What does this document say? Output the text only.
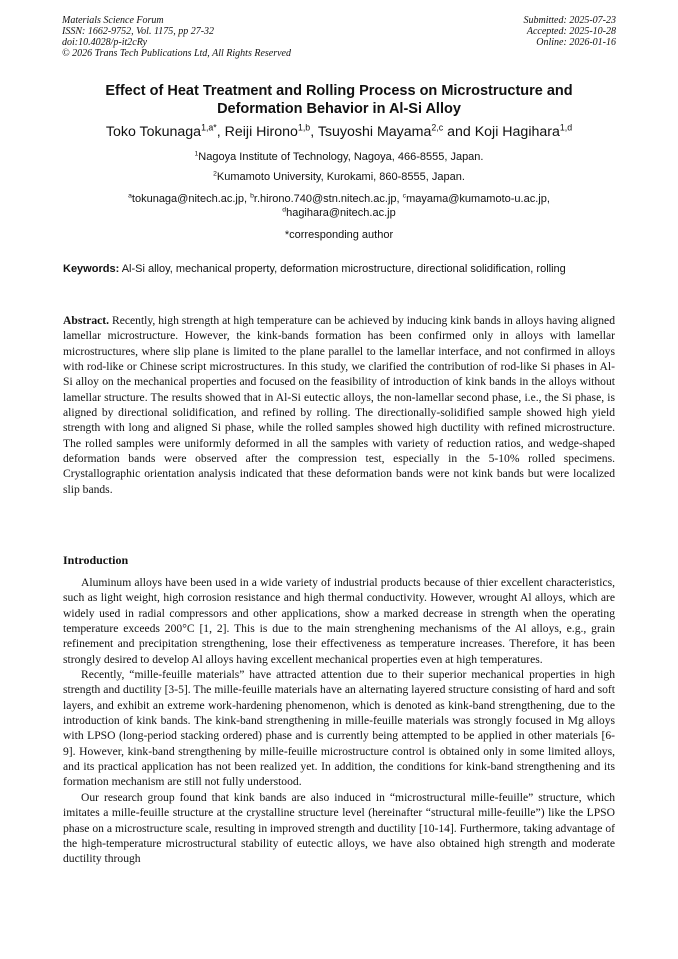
Materials Science Forum
ISSN: 1662-9752, Vol. 1175, pp 27-32
doi:10.4028/p-it2cRy
© 2026 Trans Tech Publications Ltd, All Rights Reserved
Submitted: 2025-07-23
Accepted: 2025-10-28
Online: 2026-01-16
Effect of Heat Treatment and Rolling Process on Microstructure and
Deformation Behavior in Al-Si Alloy
Toko Tokunaga$^{1,a*}$, Reiji Hirono$^{1,b}$, Tsuyoshi Mayama$^{2,c}$ and Koji Hagihara$^{1,d}$
$^1$Nagoya Institute of Technology, Nagoya, 466-8555, Japan.
$^2$Kumamoto University, Kurokami, 860-8555, Japan.
$^a$tokunaga@nitech.ac.jp, $^b$r.hirono.740@stn.nitech.ac.jp, $^c$mayama@kumamoto-u.ac.jp,
$^d$hagihara@nitech.ac.jp
*corresponding author
Keywords: Al-Si alloy, mechanical property, deformation microstructure, directional solidification, rolling
Abstract. Recently, high strength at high temperature can be achieved by inducing kink bands in alloys having aligned lamellar microstructure. However, the kink-bands formation has been confirmed only in alloys with lamellar microstructures, where slip plane is limited to the plane parallel to the lamellar interface, and not confirmed in alloys with rod-like or Chinese script microstructures. In this study, we clarified the contribution of rod-like Si phases in Al-Si alloy on the mechanical properties and focused on the feasibility of introduction of kink bands in the alloys without lamellar structure. The results showed that in Al-Si eutectic alloys, the non-lamellar second phase, i.e., the Si phase, is aligned by directional solidification, and refined by rolling. The directionally-solidified sample showed high yield strength with long and aligned Si phase, while the rolled samples showed high ductility with refined microstructure. The rolled samples were uniformly deformed in all the samples with variety of reduction ratios, and wedge-shaped deformation bands were observed after the compression test, especially in the 5-10% rolled specimens. Crystallographic orientation analysis indicated that these deformation bands were not kink bands but were localized slip bands.
Introduction

Aluminum alloys have been used in a wide variety of industrial products because of thier excellent characteristics, such as light weight, high corrosion resistance and high thermal conductivity. However, wrought Al alloys, which are widely used in radial compressors and other applications, show a marked decrease in strength when the operating temperature exceeds 200°C [1, 2]. This is due to the main strenghening mechanisms of the Al alloys, e.g., grain refinement and precipitation strengthening, lose their effectiveness as temperature increases. Therefore, it has been strongly desired to develop Al alloys having excellent mechanical properties even at high temperatures.

Recently, “mille-feuille materials” have attracted attention due to their superior mechanical properties in high strength and ductility [3-5]. The mille-feuille materials have an alternating layered structure consisting of hard and soft layers, and exhibit an extreme work-hardening phenomenon, which is denoted as kink-band strengthening, due to the introduction of kink bands. The kink-band strengthening in mille-feuille materials was strongly focused in Mg alloys with LPSO (long-period stacking ordered) phase and is currently being attempted to be applied in other materials [6-9]. However, kink-band strengthening by mille-feuille microstructure control is obtained only in some limited alloys, and its practical application has not been realized yet. In addition, the conditions for kink-band strengthening and its formation mechanism are still not fully understood.

Our research group found that kink bands are also induced in “microstructural mille-feuille” structure, which imitates a mille-feuille structure at the crystalline structure level (hereinafter “structural mille-feuille”) like the LPSO phase on a microstructure scale, resulting in improved strength and ductility [10-14]. Furthermore, taking advantage of the high-temperature microstructural stability of eutectic alloys, we have also obtained high strength and moderate ductility through
